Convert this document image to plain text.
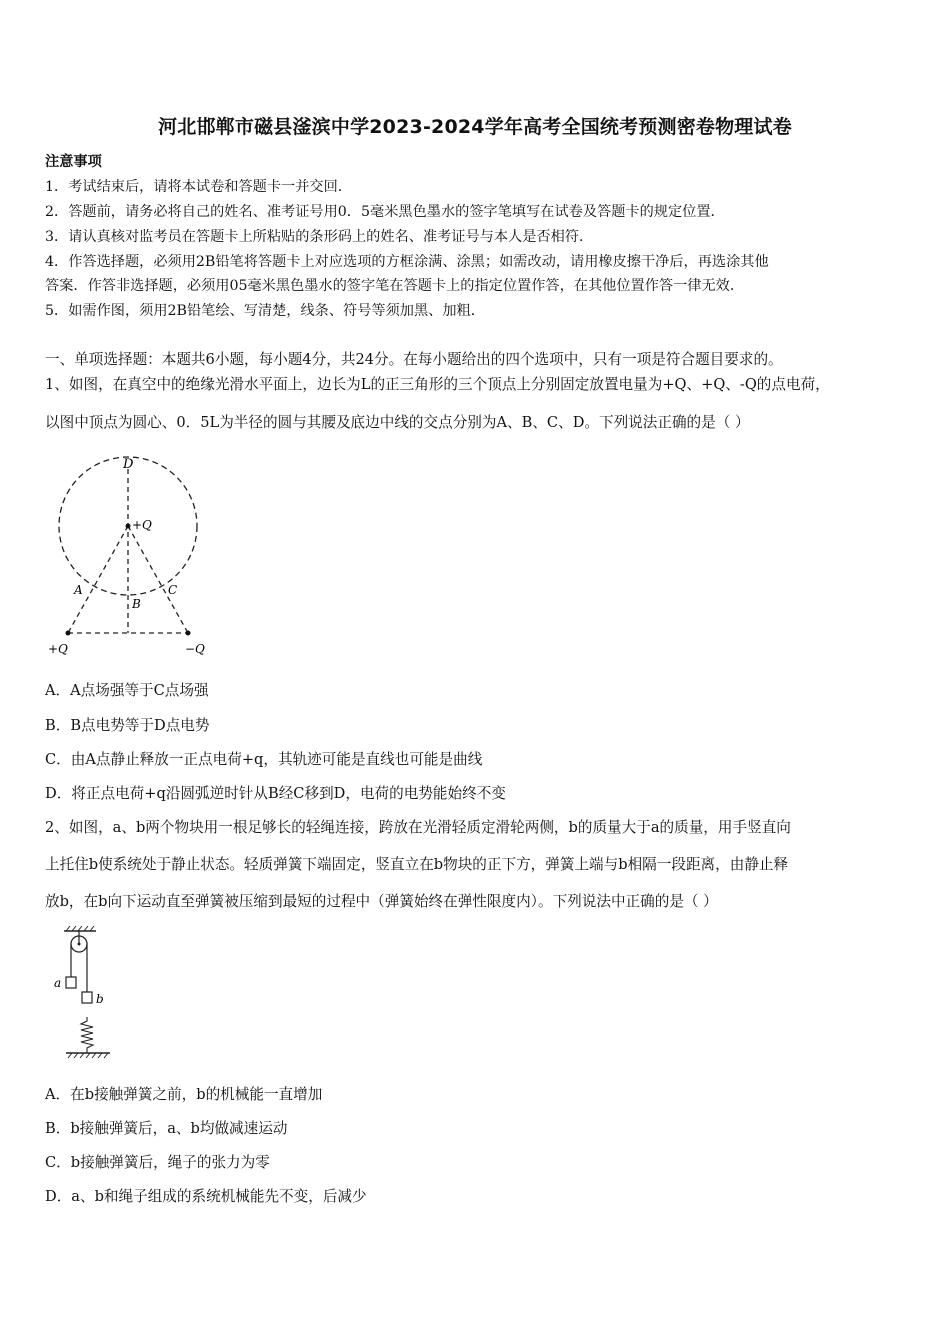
河北邯郸市磁县滏滨中学2023-2024学年高考全国统考预测密卷物理试卷
注意事项
1．考试结束后，请将本试卷和答题卡一并交回．
2．答题前，请务必将自己的姓名、准考证号用0．5毫米黑色墨水的签字笔填写在试卷及答题卡的规定位置．
3．请认真核对监考员在答题卡上所粘贴的条形码上的姓名、准考证号与本人是否相符．
4．作答选择题，必须用2B铅笔将答题卡上对应选项的方框涂满、涂黑；如需改动，请用橡皮擦干净后，再选涂其他
答案．作答非选择题，必须用05毫米黑色墨水的签字笔在答题卡上的指定位置作答，在其他位置作答一律无效．
5．如需作图，须用2B铅笔绘、写清楚，线条、符号等须加黑、加粗．
一、单项选择题：本题共6小题，每小题4分，共24分。在每小题给出的四个选项中，只有一项是符合题目要求的。
1、如图，在真空中的绝缘光滑水平面上，边长为L的正三角形的三个顶点上分别固定放置电量为+Q、+Q、-Q的点电荷，
以图中顶点为圆心、0．5L为半径的圆与其腰及底边中线的交点分别为A、B、C、D。下列说法正确的是（ ）
D
+Q
A
B
C
+Q	−Q
A．A点场强等于C点场强
B．B点电势等于D点电势
C．由A点静止释放一正点电荷+q，其轨迹可能是直线也可能是曲线
D．将正点电荷+q沿圆弧逆时针从B经C移到D，电荷的电势能始终不变
2、如图，a、b两个物块用一根足够长的轻绳连接，跨放在光滑轻质定滑轮两侧，b的质量大于a的质量，用手竖直向
上托住b使系统处于静止状态。轻质弹簧下端固定，竖直立在b物块的正下方，弹簧上端与b相隔一段距离，由静止释
放b，在b向下运动直至弹簧被压缩到最短的过程中（弹簧始终在弹性限度内）。下列说法中正确的是（ ）
a
b
A．在b接触弹簧之前，b的机械能一直增加
B．b接触弹簧后，a、b均做减速运动
C．b接触弹簧后，绳子的张力为零
D．a、b和绳子组成的系统机械能先不变，后减少
